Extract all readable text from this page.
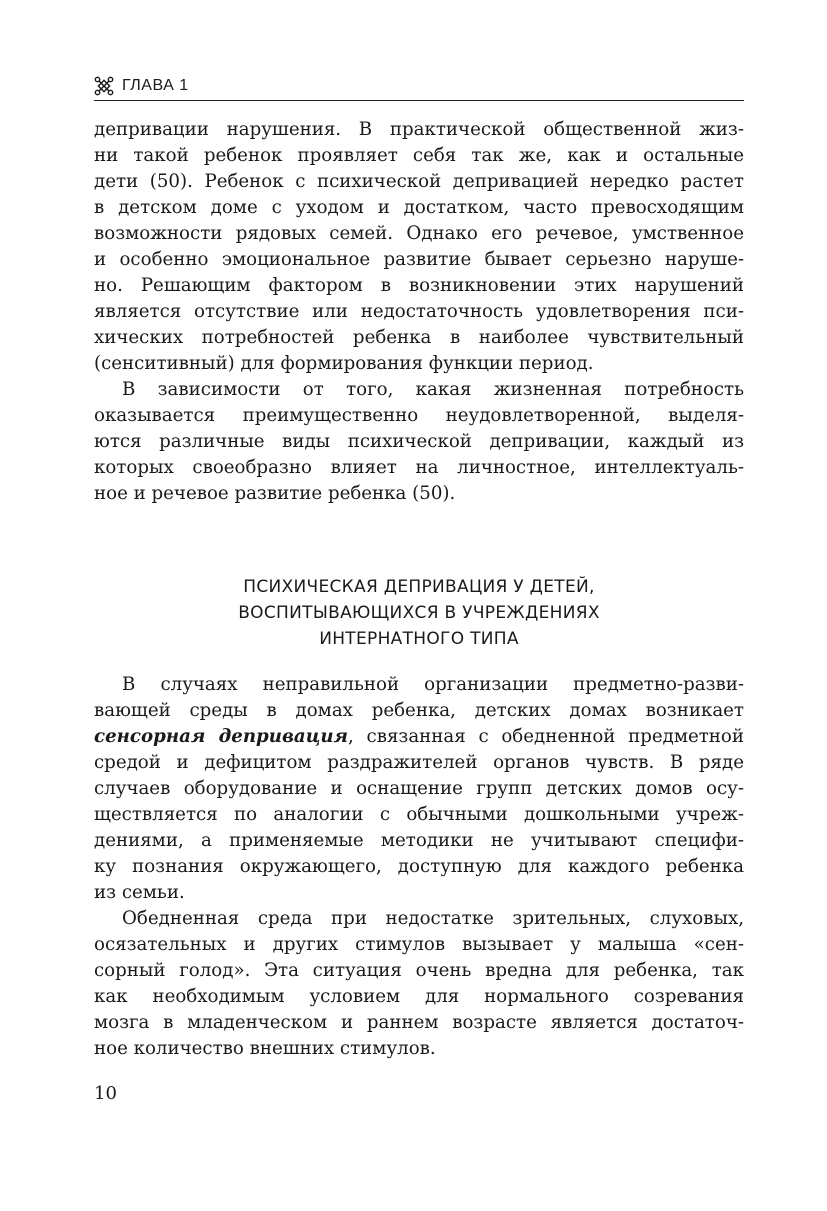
ГЛАВА 1
депривации нарушения. В практической общественной жиз-
ни такой ребенок проявляет себя так же, как и остальные
дети (50). Ребенок с психической депривацией нередко растет
в детском доме с уходом и достатком, часто превосходящим
возможности рядовых семей. Однако его речевое, умственное
и особенно эмоциональное развитие бывает серьезно наруше-
но. Решающим фактором в возникновении этих нарушений
является отсутствие или недостаточность удовлетворения пси-
хических потребностей ребенка в наиболее чувствительный
(сенситивный) для формирования функции период.
В зависимости от того, какая жизненная потребность
оказывается преимущественно неудовлетворенной, выделя-
ются различные виды психической депривации, каждый из
которых своеобразно влияет на личностное, интеллектуаль-
ное и речевое развитие ребенка (50).
ПСИХИЧЕСКАЯ ДЕПРИВАЦИЯ У ДЕТЕЙ,
ВОСПИТЫВАЮЩИХСЯ В УЧРЕЖДЕНИЯХ
ИНТЕРНАТНОГО ТИПА
В случаях неправильной организации предметно-разви-
вающей среды в домах ребенка, детских домах возникает
сенсорная депривация, связанная с обедненной предметной
средой и дефицитом раздражителей органов чувств. В ряде
случаев оборудование и оснащение групп детских домов осу-
ществляется по аналогии с обычными дошкольными учреж-
дениями, а применяемые методики не учитывают специфи-
ку познания окружающего, доступную для каждого ребенка
из семьи.
Обедненная среда при недостатке зрительных, слуховых,
осязательных и других стимулов вызывает у малыша «сен-
сорный голод». Эта ситуация очень вредна для ребенка, так
как необходимым условием для нормального созревания
мозга в младенческом и раннем возрасте является достаточ-
ное количество внешних стимулов.
10
